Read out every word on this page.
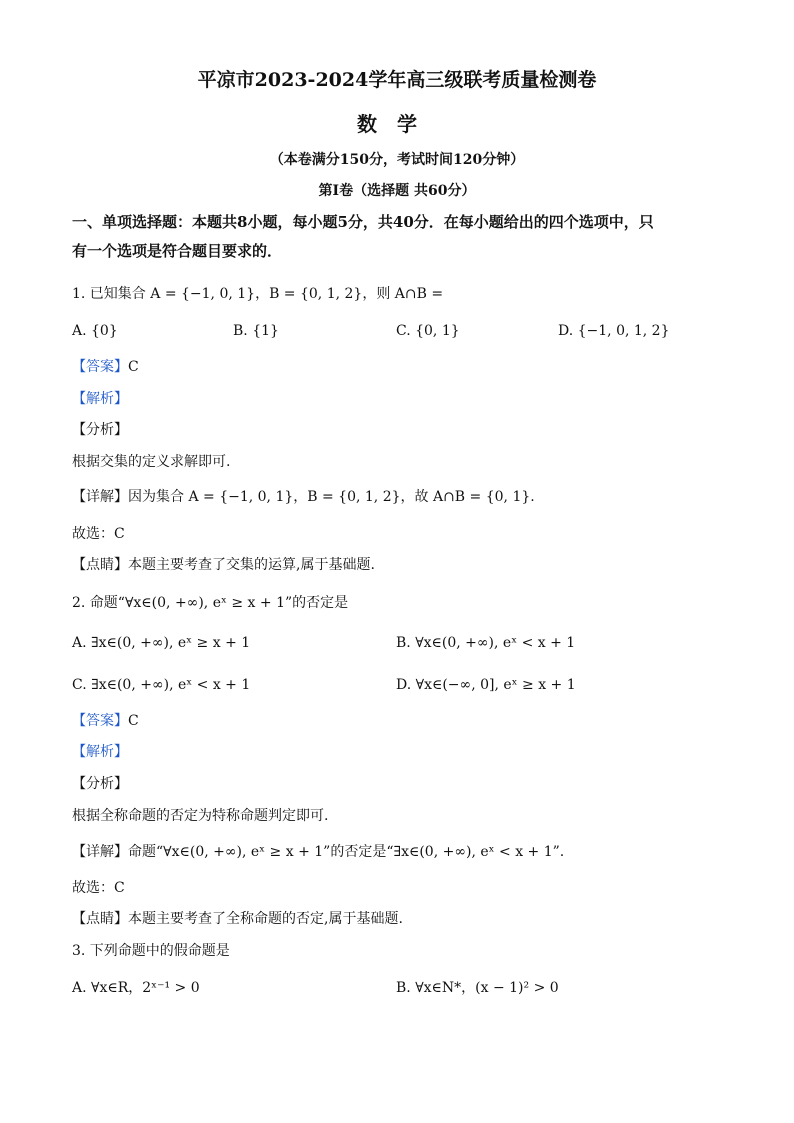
平凉市2023-2024学年高三级联考质量检测卷
数学
（本卷满分150分，考试时间120分钟）
第I卷（选择题 共60分）
一、单项选择题：本题共8小题，每小题5分，共40分．在每小题给出的四个选项中，只
有一个选项是符合题目要求的．
1. 已知集合 A = {−1, 0, 1}，B = {0, 1, 2}，则 A∩B =
A. {0}	B. {1}	C. {0, 1}	D. {−1, 0, 1, 2}
【答案】C
【解析】
【分析】
根据交集的定义求解即可.
【详解】因为集合 A = {−1, 0, 1}，B = {0, 1, 2}，故 A∩B = {0, 1}.
故选：C
【点睛】本题主要考查了交集的运算,属于基础题.
2. 命题“∀x∈(0, +∞), eˣ ≥ x + 1”的否定是
A. ∃x∈(0, +∞), eˣ ≥ x + 1	B. ∀x∈(0, +∞), eˣ < x + 1
C. ∃x∈(0, +∞), eˣ < x + 1	D. ∀x∈(−∞, 0], eˣ ≥ x + 1
【答案】C
【解析】
【分析】
根据全称命题的否定为特称命题判定即可.
【详解】命题“∀x∈(0, +∞), eˣ ≥ x + 1”的否定是“∃x∈(0, +∞), eˣ < x + 1”.
故选：C
【点睛】本题主要考查了全称命题的否定,属于基础题.
3. 下列命题中的假命题是
A. ∀x∈R，2ˣ⁻¹ > 0	B. ∀x∈N*，(x − 1)² > 0
